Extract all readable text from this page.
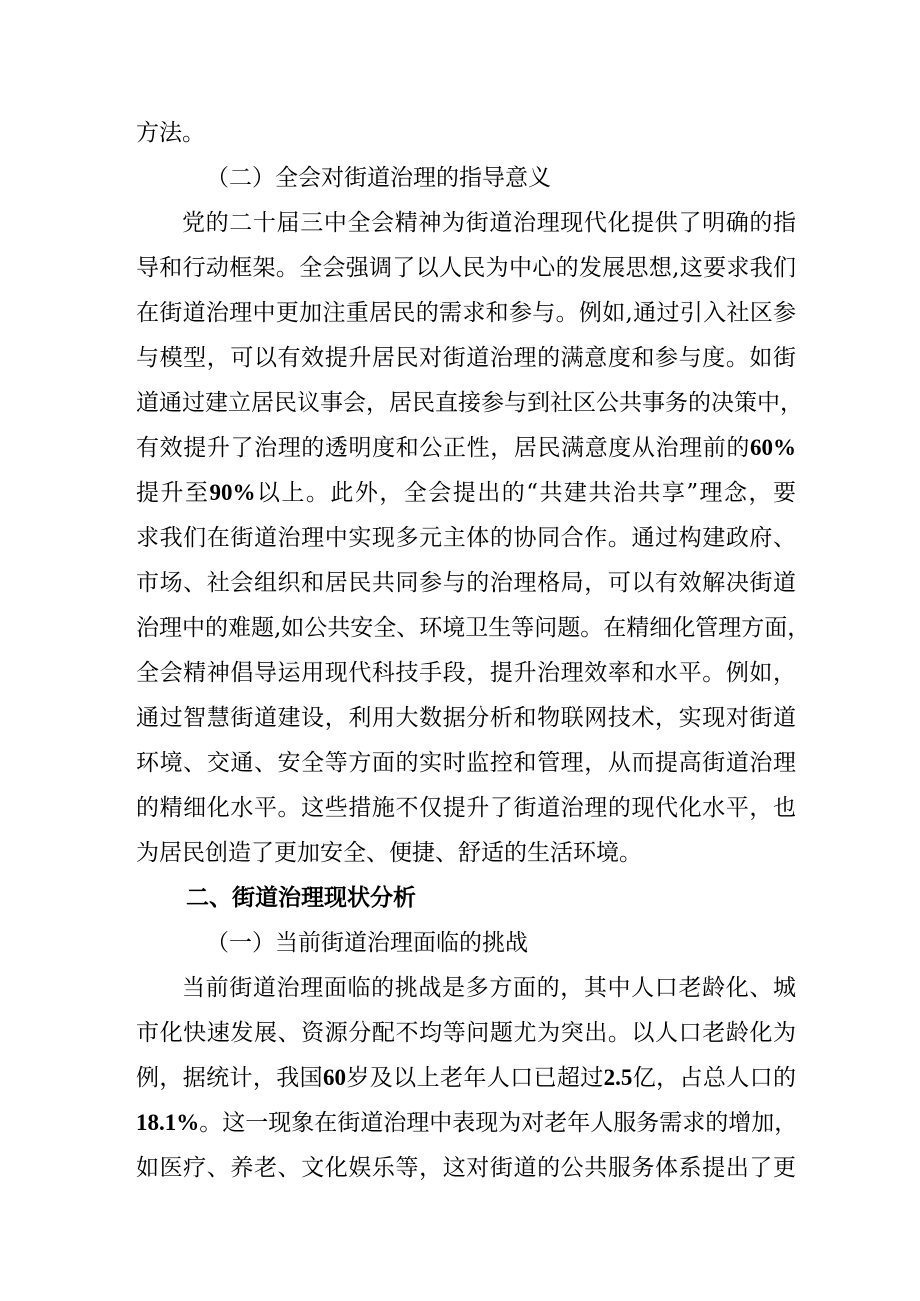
方法。
（二）全会对街道治理的指导意义
党的二十届三中全会精神为街道治理现代化提供了明确的指
导和行动框架。全会强调了以人民为中心的发展思想,这要求我们
在街道治理中更加注重居民的需求和参与。例如,通过引入社区参
与模型，可以有效提升居民对街道治理的满意度和参与度。如街
道通过建立居民议事会，居民直接参与到社区公共事务的决策中，
有效提升了治理的透明度和公正性，居民满意度从治理前的60%
提升至90%以上。此外，全会提出的“共建共治共享”理念，要
求我们在街道治理中实现多元主体的协同合作。通过构建政府、
市场、社会组织和居民共同参与的治理格局，可以有效解决街道
治理中的难题,如公共安全、环境卫生等问题。在精细化管理方面，
全会精神倡导运用现代科技手段，提升治理效率和水平。例如，
通过智慧街道建设，利用大数据分析和物联网技术，实现对街道
环境、交通、安全等方面的实时监控和管理，从而提高街道治理
的精细化水平。这些措施不仅提升了街道治理的现代化水平，也
为居民创造了更加安全、便捷、舒适的生活环境。
二、街道治理现状分析
（一）当前街道治理面临的挑战
当前街道治理面临的挑战是多方面的，其中人口老龄化、城
市化快速发展、资源分配不均等问题尤为突出。以人口老龄化为
例，据统计，我国60岁及以上老年人口已超过2.5亿，占总人口的
18.1%。这一现象在街道治理中表现为对老年人服务需求的增加，
如医疗、养老、文化娱乐等，这对街道的公共服务体系提出了更
